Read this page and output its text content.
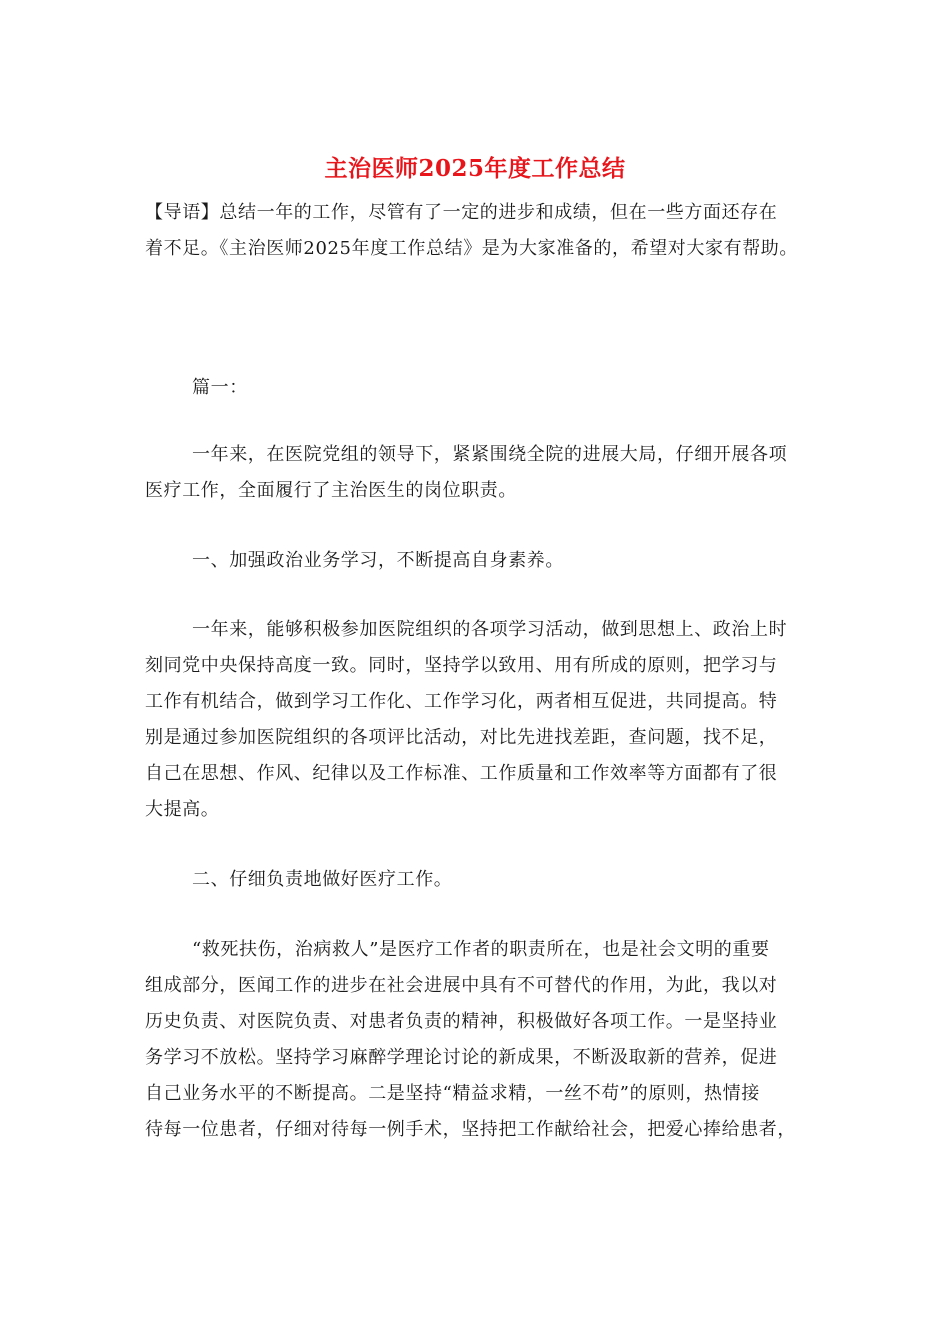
主治医师2025年度工作总结
【导语】总结一年的工作，尽管有了一定的进步和成绩，但在一些方面还存在
着不足。《主治医师2025年度工作总结》是为大家准备的，希望对大家有帮助。
篇一：
一年来，在医院党组的领导下，紧紧围绕全院的进展大局，仔细开展各项
医疗工作，全面履行了主治医生的岗位职责。
一、加强政治业务学习，不断提高自身素养。
一年来，能够积极参加医院组织的各项学习活动，做到思想上、政治上时
刻同党中央保持高度一致。同时，坚持学以致用、用有所成的原则，把学习与
工作有机结合，做到学习工作化、工作学习化，两者相互促进，共同提高。特
别是通过参加医院组织的各项评比活动，对比先进找差距，查问题，找不足，
自己在思想、作风、纪律以及工作标准、工作质量和工作效率等方面都有了很
大提高。
二、仔细负责地做好医疗工作。
“救死扶伤，治病救人”是医疗工作者的职责所在，也是社会文明的重要
组成部分，医闻工作的进步在社会进展中具有不可替代的作用，为此，我以对
历史负责、对医院负责、对患者负责的精神，积极做好各项工作。一是坚持业
务学习不放松。坚持学习麻醉学理论讨论的新成果，不断汲取新的营养，促进
自己业务水平的不断提高。二是坚持“精益求精，一丝不苟”的原则，热情接
待每一位患者，仔细对待每一例手术，坚持把工作献给社会，把爱心捧给患者，
